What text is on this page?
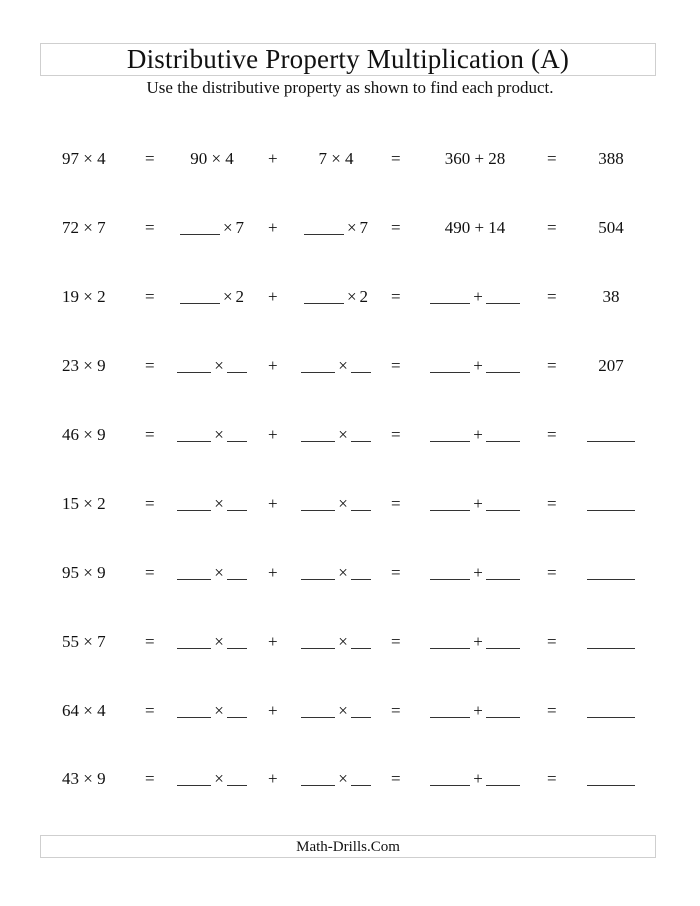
Distributive Property Multiplication (A)
Use the distributive property as shown to find each product.
97 × 4 =	90 × 4	+	7 × 4	=	360 + 28	=	388
72 × 7 =	× 7 +	× 7 =	490 + 14	=	504
19 × 2 =	× 2 +	× 2 =	+	=	38
23 × 9 =	×	+	×	=	+	=	207
46 × 9 =	×	+	×	=	+	=
15 × 2 =	×	+	×	=	+	=
95 × 9 =	×	+	×	=	+	=
55 × 7 =	×	+	×	=	+	=
64 × 4 =	×	+	×	=	+	=
43 × 9 =	×	+	×	=	+	=
Math-Drills.Com
